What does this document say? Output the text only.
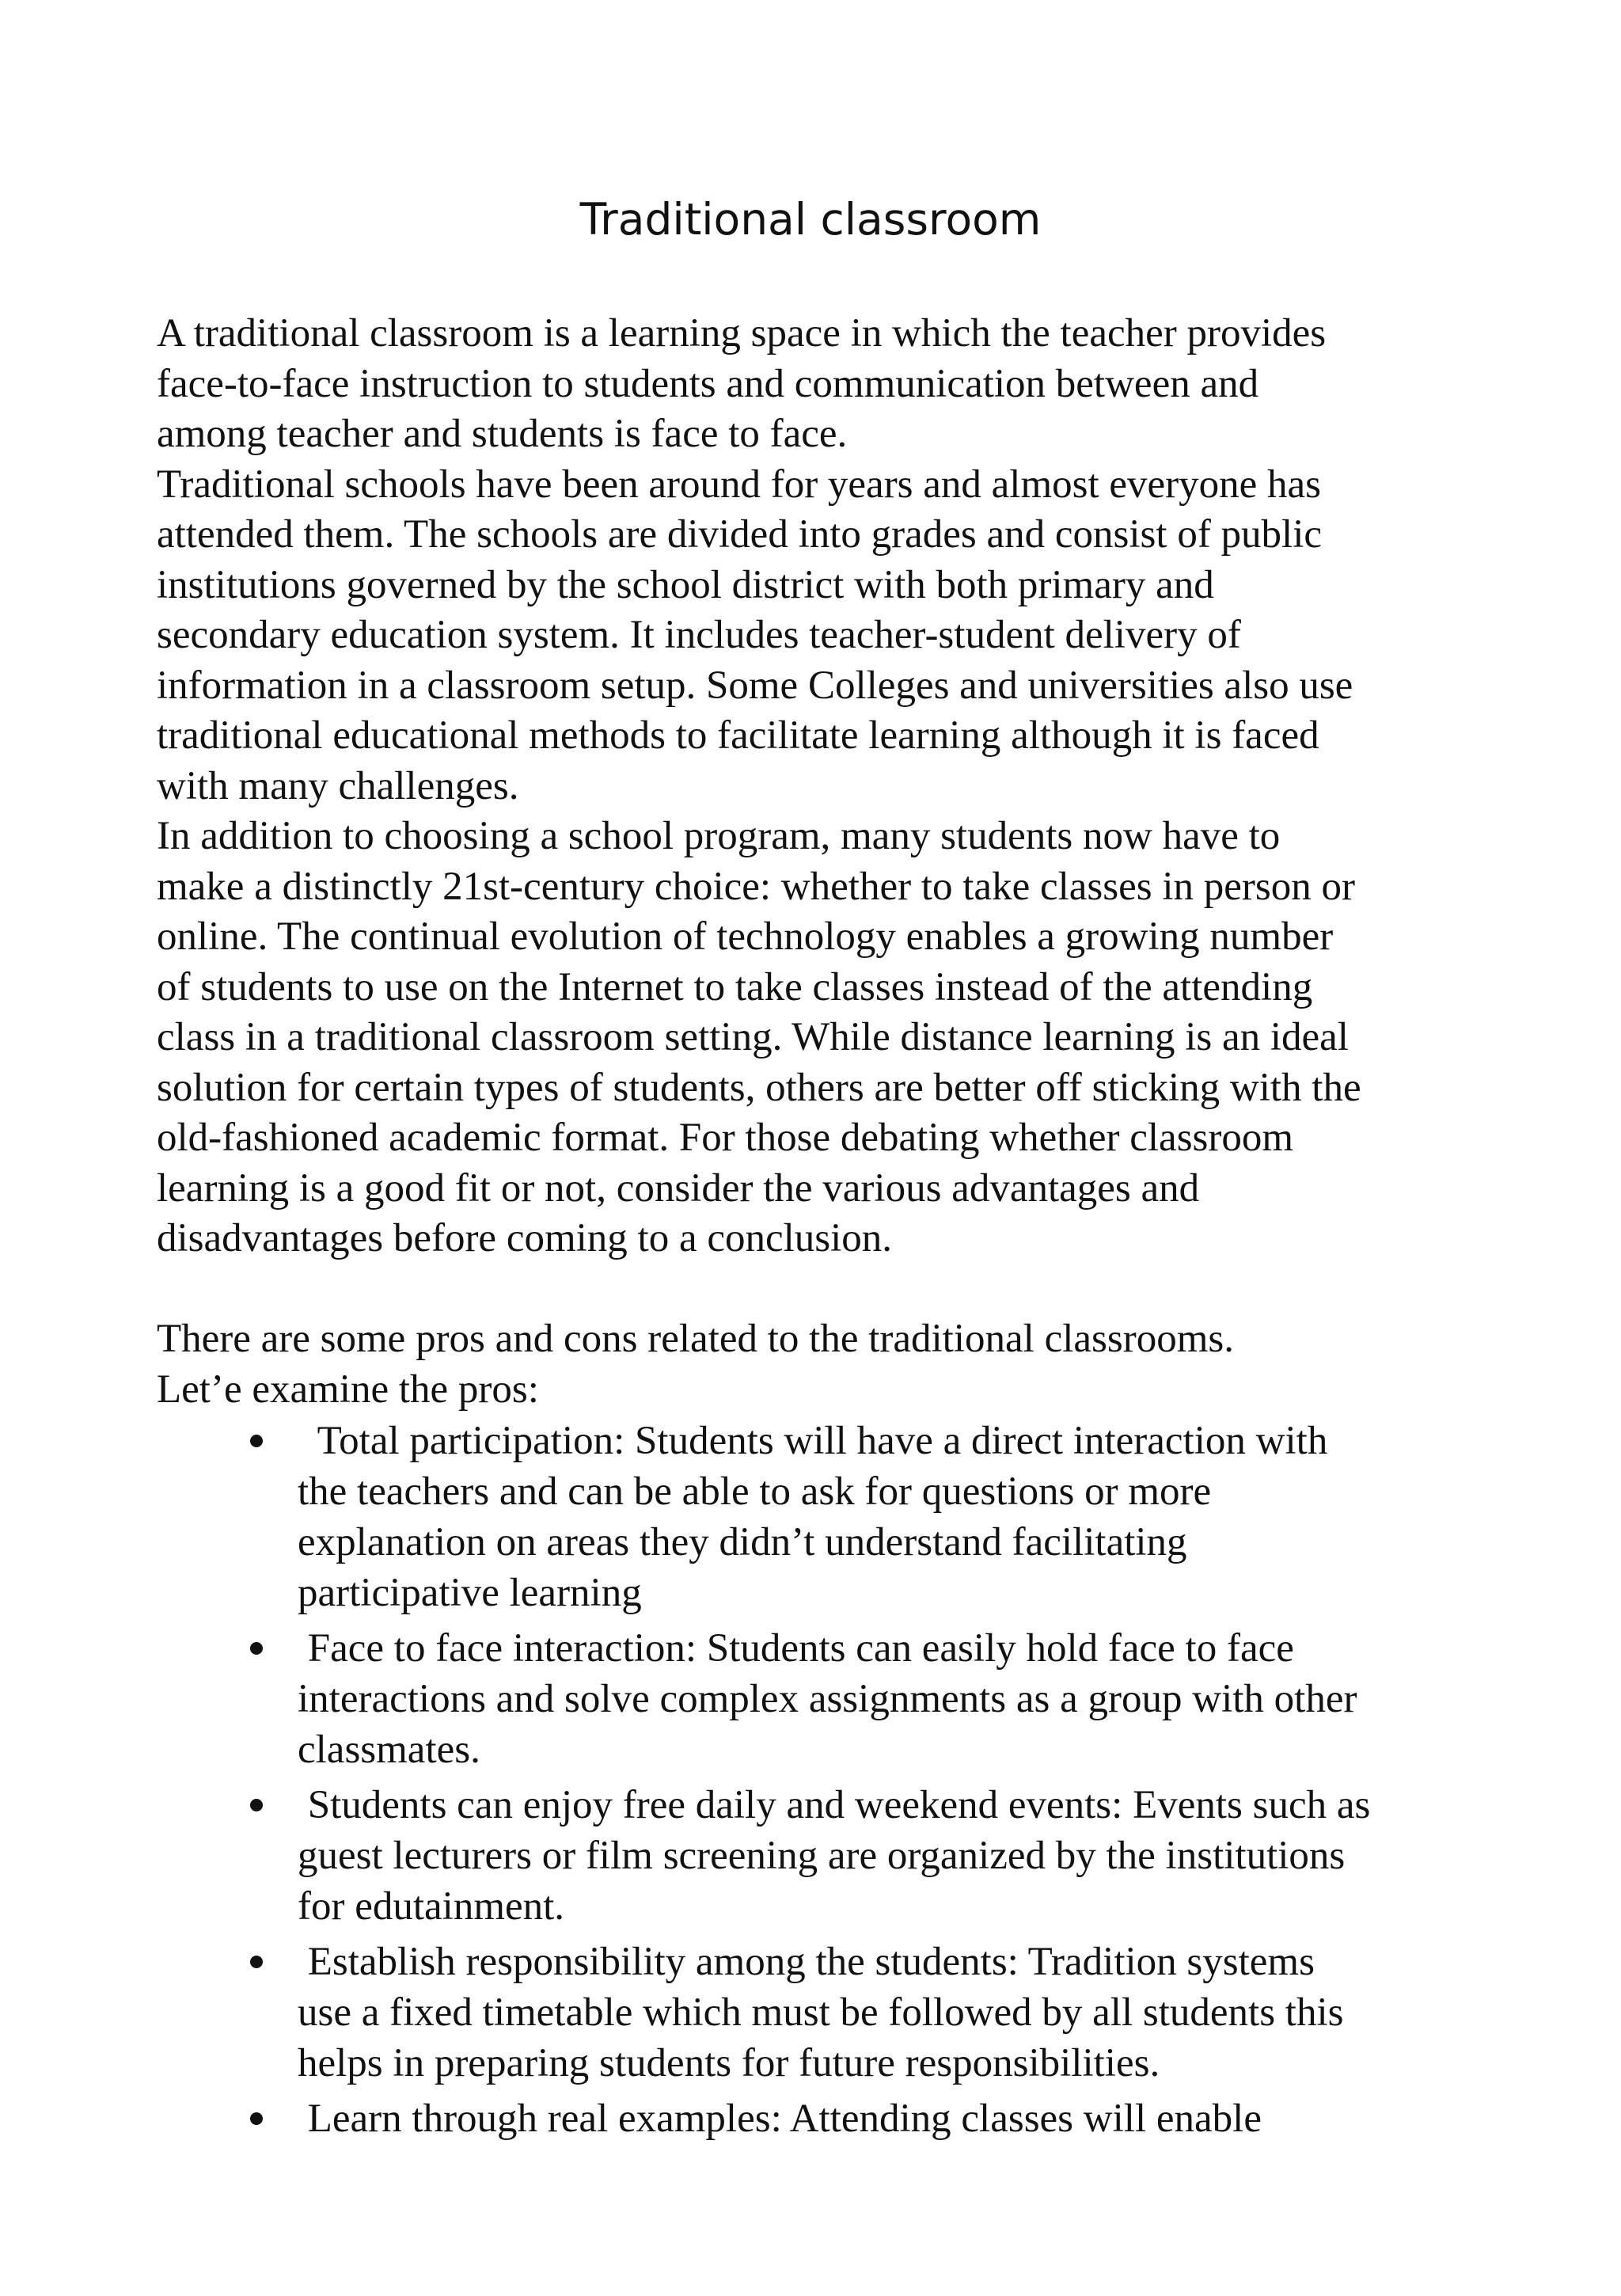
Traditional classroom
A traditional classroom is a learning space in which the teacher provides
face-to-face instruction to students and communication between and
among teacher and students is face to face.
Traditional schools have been around for years and almost everyone has
attended them. The schools are divided into grades and consist of public
institutions governed by the school district with both primary and
secondary education system. It includes teacher-student delivery of
information in a classroom setup. Some Colleges and universities also use
traditional educational methods to facilitate learning although it is faced
with many challenges.
In addition to choosing a school program, many students now have to
make a distinctly 21st-century choice: whether to take classes in person or
online. The continual evolution of technology enables a growing number
of students to use on the Internet to take classes instead of the attending
class in a traditional classroom setting. While distance learning is an ideal
solution for certain types of students, others are better off sticking with the
old-fashioned academic format. For those debating whether classroom
learning is a good fit or not, consider the various advantages and
disadvantages before coming to a conclusion.
There are some pros and cons related to the traditional classrooms.
Let’e examine the pros:
Total participation: Students will have a direct interaction with
the teachers and can be able to ask for questions or more
explanation on areas they didn’t understand facilitating
participative learning
Face to face interaction: Students can easily hold face to face
interactions and solve complex assignments as a group with other
classmates.
Students can enjoy free daily and weekend events: Events such as
guest lecturers or film screening are organized by the institutions
for edutainment.
Establish responsibility among the students: Tradition systems
use a fixed timetable which must be followed by all students this
helps in preparing students for future responsibilities.
Learn through real examples: Attending classes will enable
